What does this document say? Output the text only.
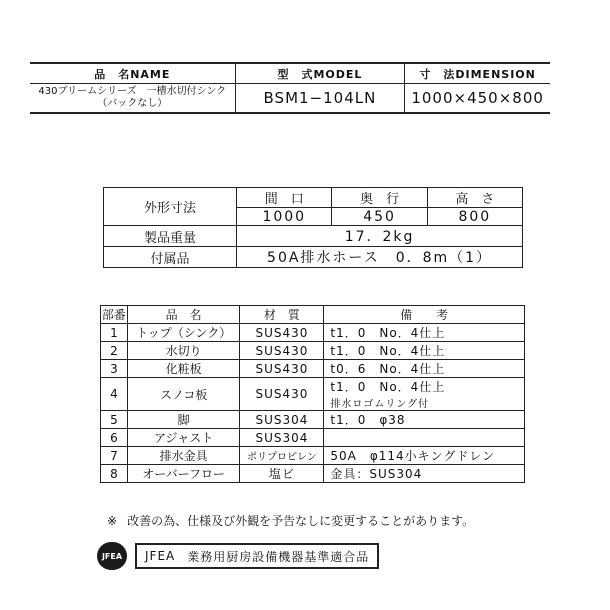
品　名NAME	型　式MODEL	寸　法DIMENSION

430ブリームシリーズ　一槽水切付シンク
（バックなし）	BSM1−104LN	1000×450×800
外形寸法	間　口	奥　行	高　さ
	1000	450	800
製品重量	17．2kg		
付属品	50A排水ホース　0．8m（1）		
部番	品　名	材　質	備　　考
1	トップ（シンク）	SUS430	t1．0　No．4仕上
2	水切り	SUS430	t1．0　No．4仕上
3	化粧板	SUS430	t0．6　No．4仕上
4	スノコ板	SUS430	t1．0　No．4仕上
排水ロゴムリング付

5	脚	SUS304	t1．0　φ38
6	アジャスト	SUS304	
7	排水金具	ポリプロピレン	50A　φ114小キングドレン
8	オーバーフロー	塩ビ	金具：SUS304
※ 改善の為、仕様及び外観を予告なしに変更することがあります。
JFEA JFEA 業務用厨房設備機器基準適合品
